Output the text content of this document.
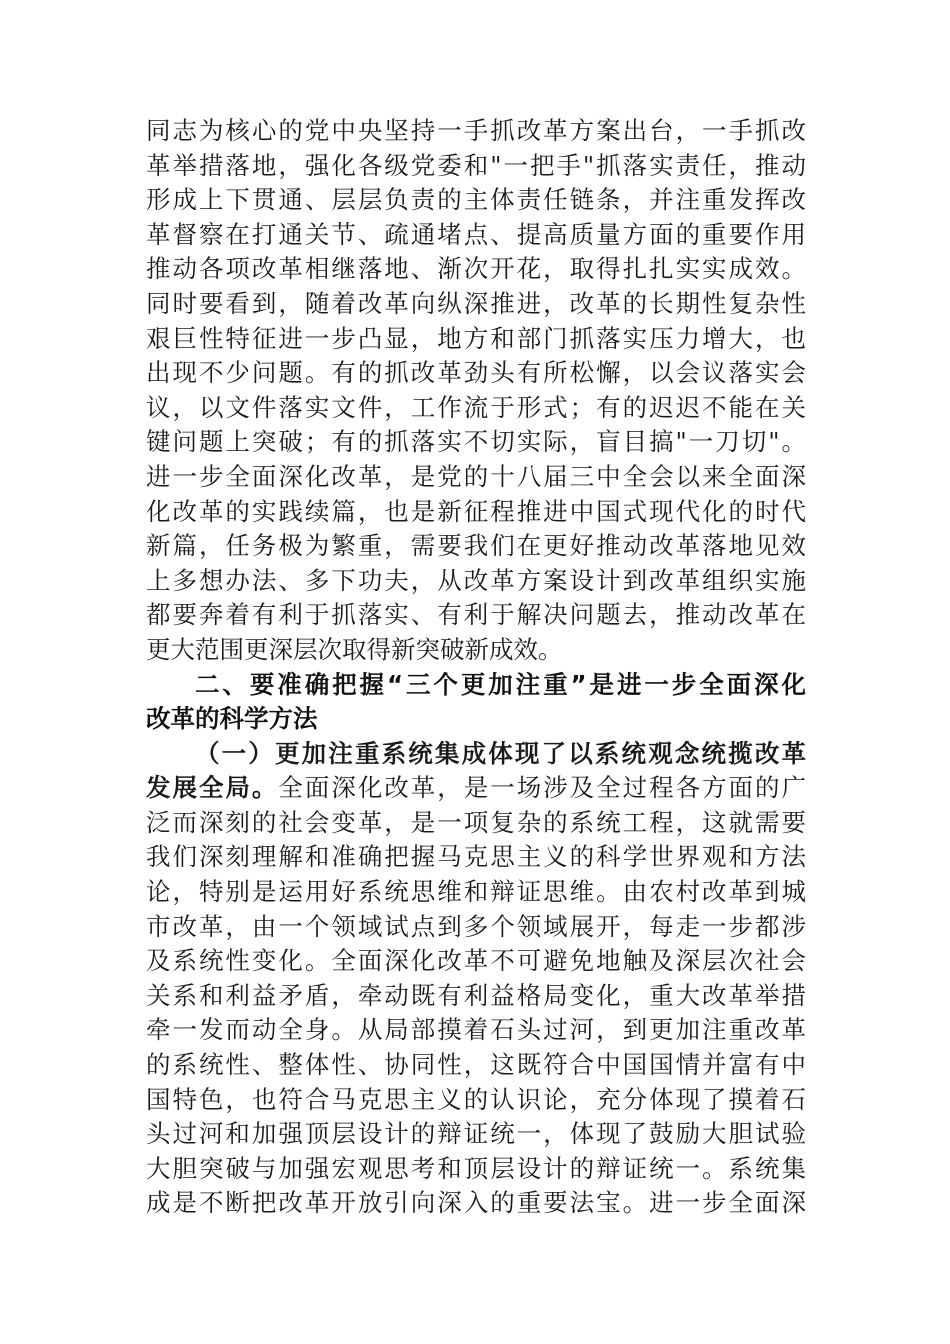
同志为核心的党中央坚持一手抓改革方案出台，一手抓改
革举措落地，强化各级党委和"一把手"抓落实责任，推动
形成上下贯通、层层负责的主体责任链条，并注重发挥改
革督察在打通关节、疏通堵点、提高质量方面的重要作用
推动各项改革相继落地、渐次开花，取得扎扎实实成效。
同时要看到，随着改革向纵深推进，改革的长期性复杂性
艰巨性特征进一步凸显，地方和部门抓落实压力增大，也
出现不少问题。有的抓改革劲头有所松懈，以会议落实会
议，以文件落实文件，工作流于形式；有的迟迟不能在关
键问题上突破；有的抓落实不切实际，盲目搞"一刀切"。
进一步全面深化改革，是党的十八届三中全会以来全面深
化改革的实践续篇，也是新征程推进中国式现代化的时代
新篇，任务极为繁重，需要我们在更好推动改革落地见效
上多想办法、多下功夫，从改革方案设计到改革组织实施
都要奔着有利于抓落实、有利于解决问题去，推动改革在
更大范围更深层次取得新突破新成效。
二、要准确把握“三个更加注重”是进一步全面深化
改革的科学方法
（一）更加注重系统集成体现了以系统观念统揽改革
发展全局。全面深化改革，是一场涉及全过程各方面的广
泛而深刻的社会变革，是一项复杂的系统工程，这就需要
我们深刻理解和准确把握马克思主义的科学世界观和方法
论，特别是运用好系统思维和辩证思维。由农村改革到城
市改革，由一个领域试点到多个领域展开，每走一步都涉
及系统性变化。全面深化改革不可避免地触及深层次社会
关系和利益矛盾，牵动既有利益格局变化，重大改革举措
牵一发而动全身。从局部摸着石头过河，到更加注重改革
的系统性、整体性、协同性，这既符合中国国情并富有中
国特色，也符合马克思主义的认识论，充分体现了摸着石
头过河和加强顶层设计的辩证统一，体现了鼓励大胆试验
大胆突破与加强宏观思考和顶层设计的辩证统一。系统集
成是不断把改革开放引向深入的重要法宝。进一步全面深
